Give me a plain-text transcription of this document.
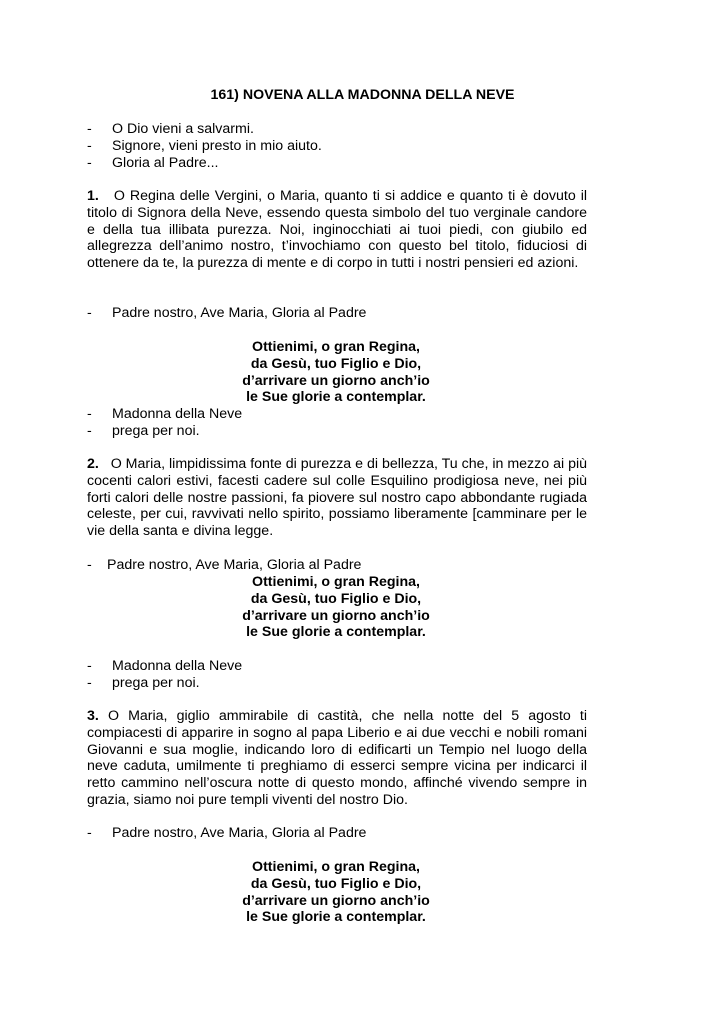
161) NOVENA ALLA MADONNA DELLA NEVE
- O Dio vieni a salvarmi.
- Signore, vieni presto in mio aiuto.
- Gloria al Padre...
1. O Regina delle Vergini, o Maria, quanto ti si addice e quanto ti è dovuto il titolo di Signora della Neve, essendo questa simbolo del tuo verginale candore e della tua illibata purezza. Noi, inginocchiati ai tuoi piedi, con giubilo ed allegrezza dell’animo nostro, t’invochiamo con questo bel titolo, fiduciosi di ottenere da te, la purezza di mente e di corpo in tutti i nostri pensieri ed azioni.
- Padre nostro, Ave Maria, Gloria al Padre
Ottienimi, o gran Regina,
da Gesù, tuo Figlio e Dio,
d’arrivare un giorno anch’io
le Sue glorie a contemplar.
- Madonna della Neve
- prega per noi.
2. O Maria, limpidissima fonte di purezza e di bellezza, Tu che, in mezzo ai più cocenti calori estivi, facesti cadere sul colle Esquilino prodigiosa neve, nei più forti calori delle nostre passioni, fa piovere sul nostro capo abbondante rugiada celeste, per cui, ravvivati nello spirito, possiamo liberamente [camminare per le vie della santa e divina legge.
- Padre nostro, Ave Maria, Gloria al Padre
Ottienimi, o gran Regina,
da Gesù, tuo Figlio e Dio,
d’arrivare un giorno anch’io
le Sue glorie a contemplar.
- Madonna della Neve
- prega per noi.
3. O Maria, giglio ammirabile di castità, che nella notte del 5 agosto ti compiacesti di apparire in sogno al papa Liberio e ai due vecchi e nobili romani Giovanni e sua moglie, indicando loro di edificarti un Tempio nel luogo della neve caduta, umilmente ti preghiamo di esserci sempre vicina per indicarci il retto cammino nell’oscura notte di questo mondo, affinché vivendo sempre in grazia, siamo noi pure templi viventi del nostro Dio.
- Padre nostro, Ave Maria, Gloria al Padre
Ottienimi, o gran Regina,
da Gesù, tuo Figlio e Dio,
d’arrivare un giorno anch’io
le Sue glorie a contemplar.
